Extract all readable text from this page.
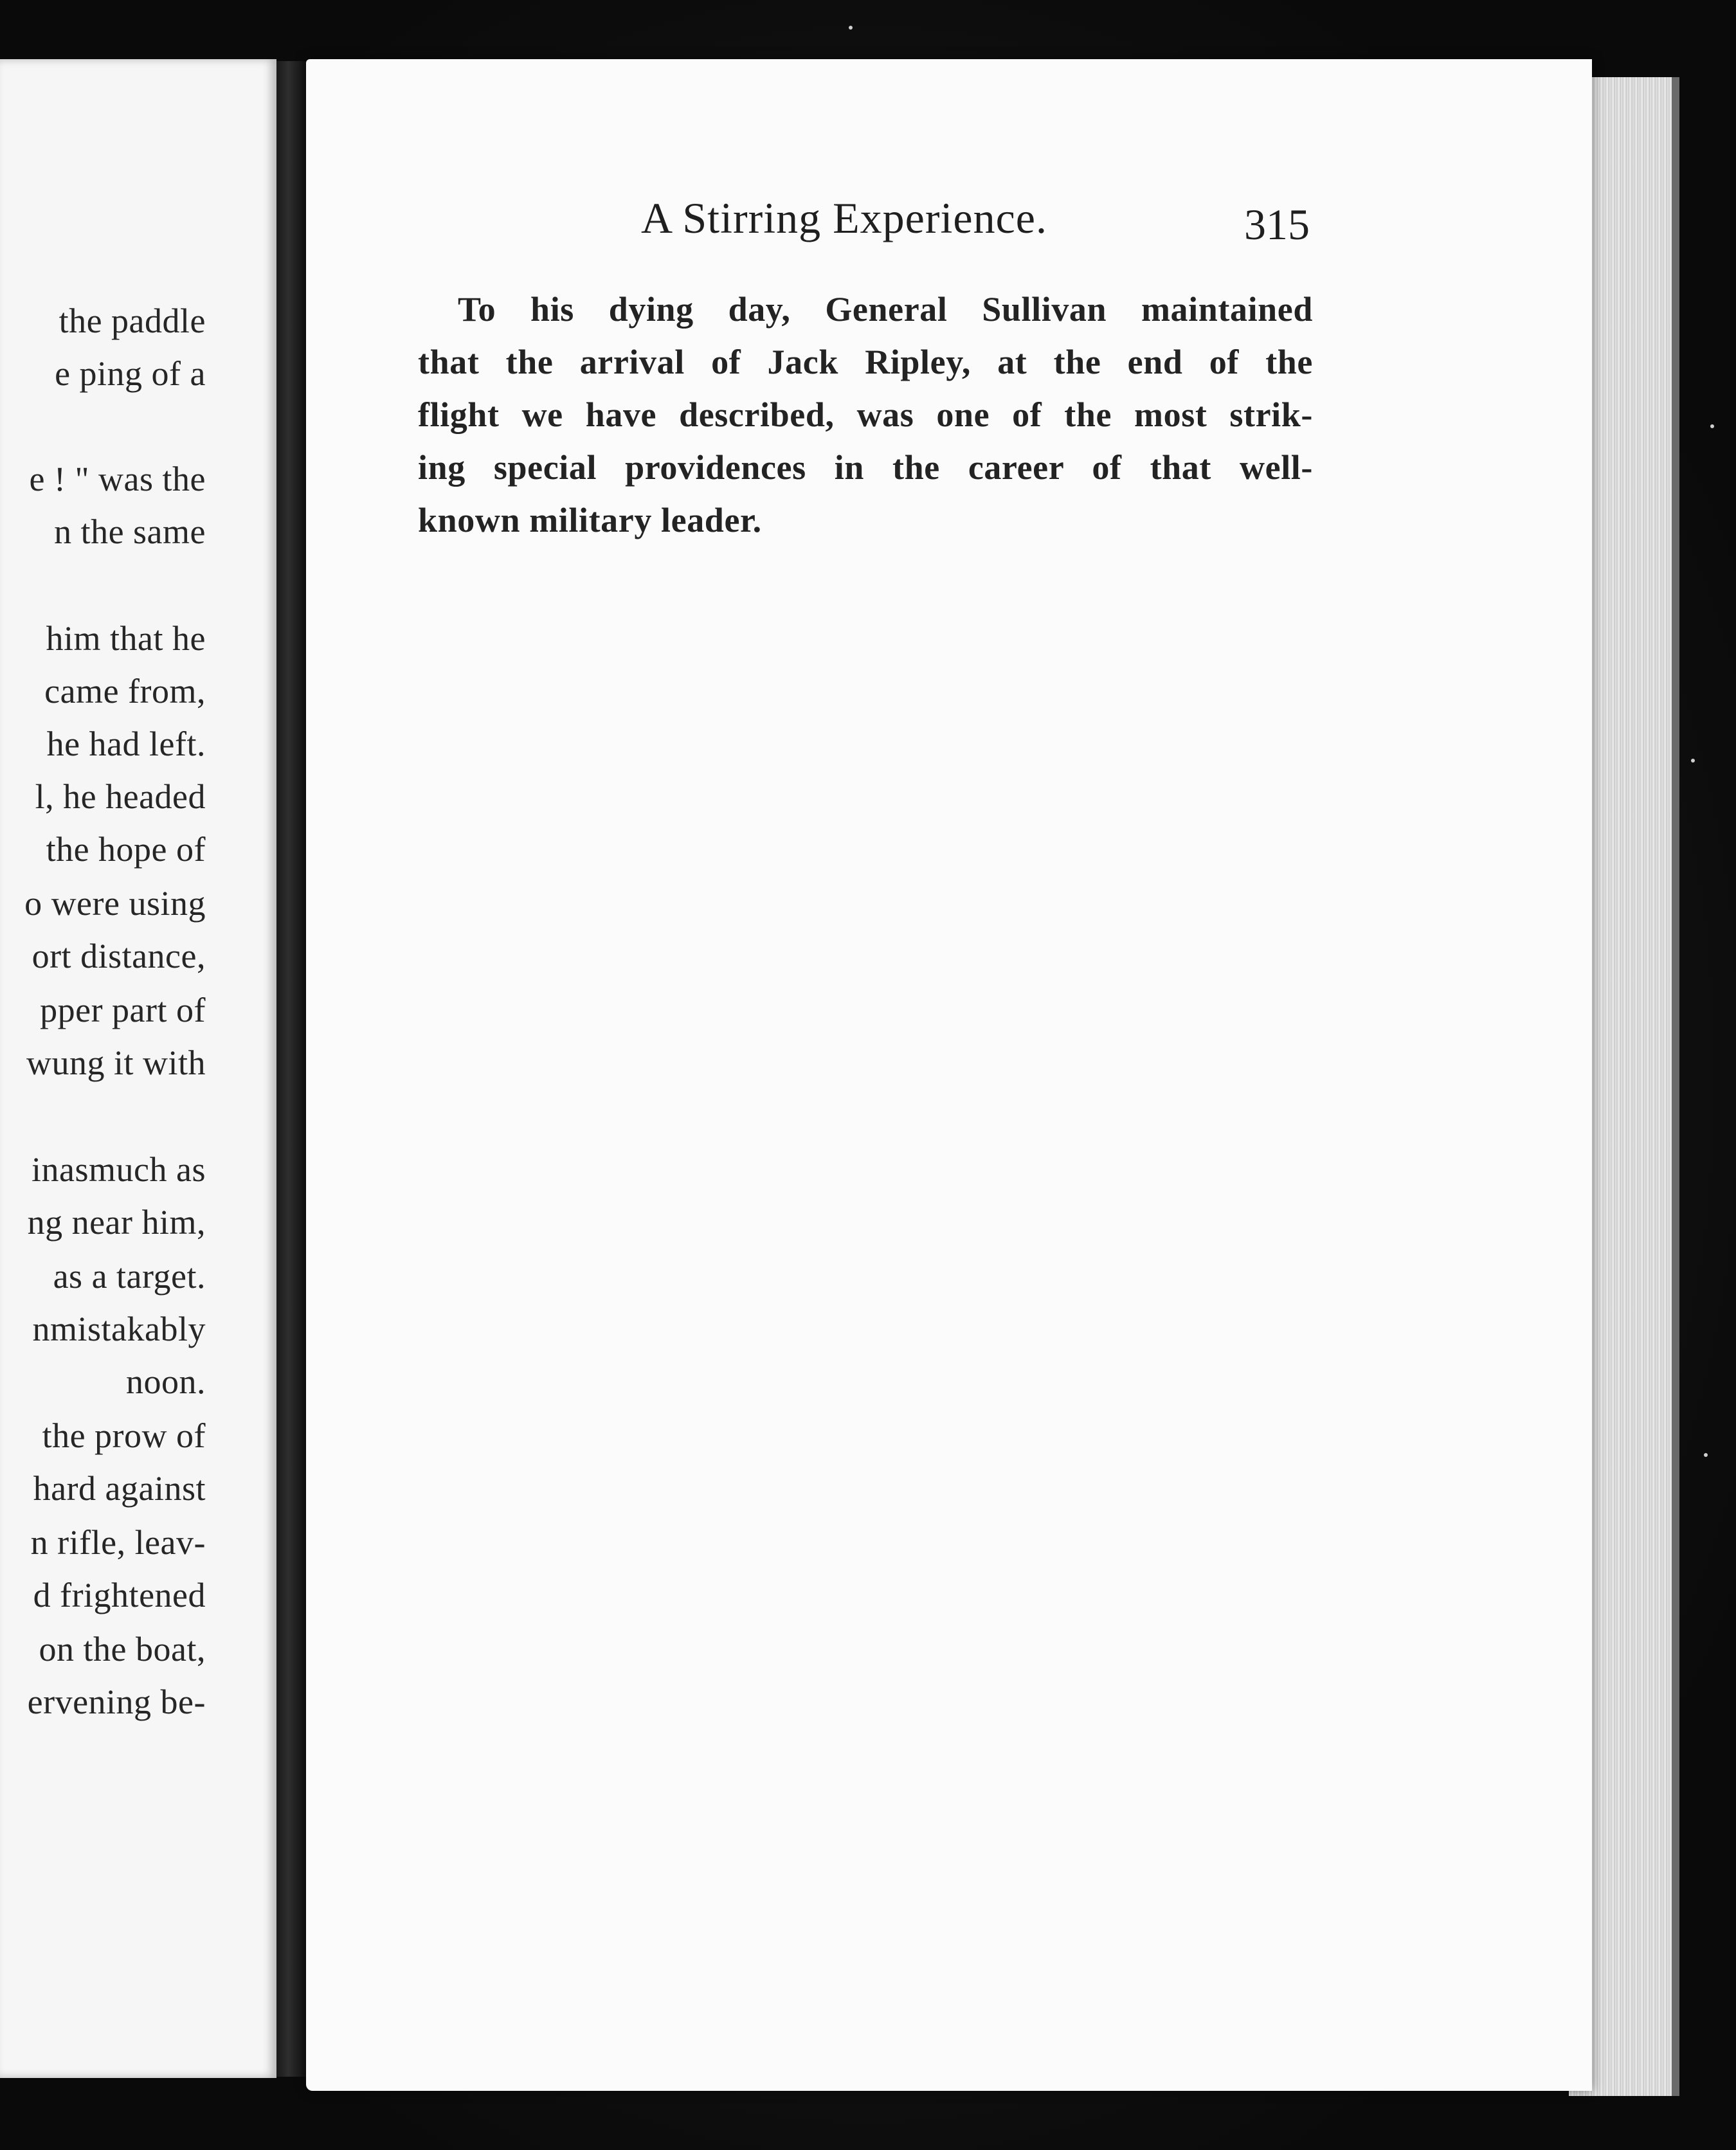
the paddle
e ping of a
e ! " was the
n the same
him that he
came from,
he had left.
l, he headed
the hope of
o were using
ort distance,
pper part of
wung it with
inasmuch as
ng near him,
as a target.
nmistakably
noon.
the prow of
hard against
n rifle, leav-
d frightened
on the boat,
ervening be-
A Stirring Experience.	315
To his dying day, General Sullivan maintained
that the arrival of Jack Ripley, at the end of the
flight we have described, was one of the most strik-
ing special providences in the career of that well-
known military leader.
